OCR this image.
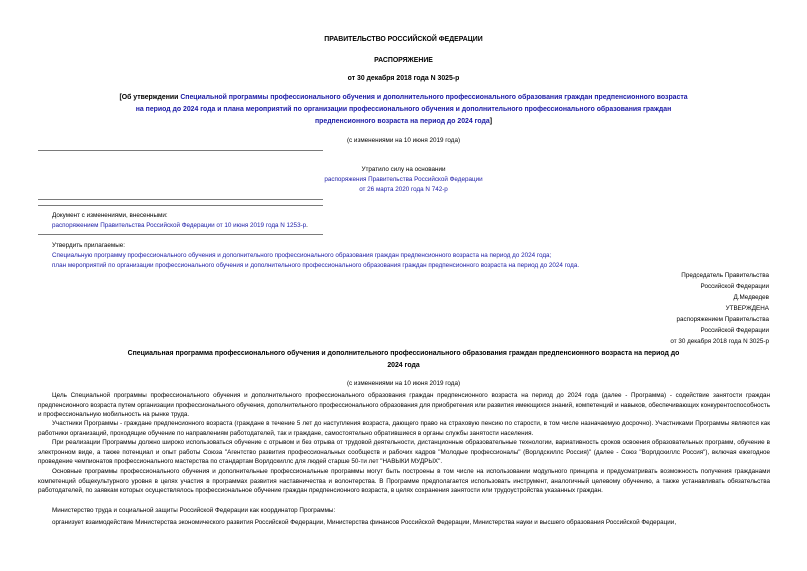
ПРАВИТЕЛЬСТВО РОССИЙСКОЙ ФЕДЕРАЦИИ
РАСПОРЯЖЕНИЕ
от 30 декабря 2018 года N 3025-р
[Об утверждении Специальной программы профессионального обучения и дополнительного профессионального образования граждан предпенсионного возраста
на период до 2024 года и плана мероприятий по организации профессионального обучения и дополнительного профессионального образования граждан
предпенсионного возраста на период до 2024 года]
(с изменениями на 10 июня 2019 года)
Утратило силу на основании
распоряжения Правительства Российской Федерации
от 26 марта 2020 года N 742-р
Документ с изменениями, внесенными:
распоряжением Правительства Российской Федерации от 10 июня 2019 года N 1253-р.
Утвердить прилагаемые:
Специальную программу профессионального обучения и дополнительного профессионального образования граждан предпенсионного возраста на период до 2024 года;
план мероприятий по организации профессионального обучения и дополнительного профессионального образования граждан предпенсионного возраста на период до 2024 года.
Председатель Правительства
Российской Федерации
Д.Медведев
УТВЕРЖДЕНА
распоряжением Правительства
Российской Федерации
от 30 декабря 2018 года N 3025-р
Специальная программа профессионального обучения и дополнительного профессионального образования граждан предпенсионного возраста на период до
2024 года
(с изменениями на 10 июня 2019 года)
Цель Специальной программы профессионального обучения и дополнительного профессионального образования граждан предпенсионного возраста на период до 2024 года (далее - Программа) - содействие занятости граждан предпенсионного возраста путем организации профессионального обучения, дополнительного профессионального образования для приобретения или развития имеющихся знаний, компетенций и навыков, обеспечивающих конкурентоспособность и профессиональную мобильность на рынке труда.
Участники Программы - граждане предпенсионного возраста (граждане в течение 5 лет до наступления возраста, дающего право на страховую пенсию по старости, в том числе назначаемую досрочно). Участниками Программы являются как работники организаций, проходящие обучение по направлениям работодателей, так и граждане, самостоятельно обратившиеся в органы службы занятости населения.
При реализации Программы должно широко использоваться обучение с отрывом и без отрыва от трудовой деятельности, дистанционные образовательные технологии, вариативность сроков освоения образовательных программ, обучение в электронном виде, а также потенциал и опыт работы Союза "Агентство развития профессиональных сообществ и рабочих кадров "Молодые профессионалы" (Ворлдскиллс Россия)" (далее - Союз "Ворлдскиллс Россия"), включая ежегодное проведение чемпионатов профессионального мастерства по стандартам Ворлдскиллс для людей старше 50-ти лет "НАВЫКИ МУДРЫХ".
Основные программы профессионального обучения и дополнительные профессиональные программы могут быть построены в том числе на использовании модульного принципа и предусматривать возможность получения гражданами компетенций общекультурного уровня в целях участия в программах развития наставничества и волонтерства. В Программе предполагается использовать инструмент, аналогичный целевому обучению, а также устанавливать обязательства работодателей, по заявкам которых осуществлялось профессиональное обучение граждан предпенсионного возраста, в целях сохранения занятости или трудоустройства указанных граждан.
Министерство труда и социальной защиты Российской Федерации как координатор Программы:
организует взаимодействие Министерства экономического развития Российской Федерации, Министерства финансов Российской Федерации, Министерства науки и высшего образования Российской Федерации,
